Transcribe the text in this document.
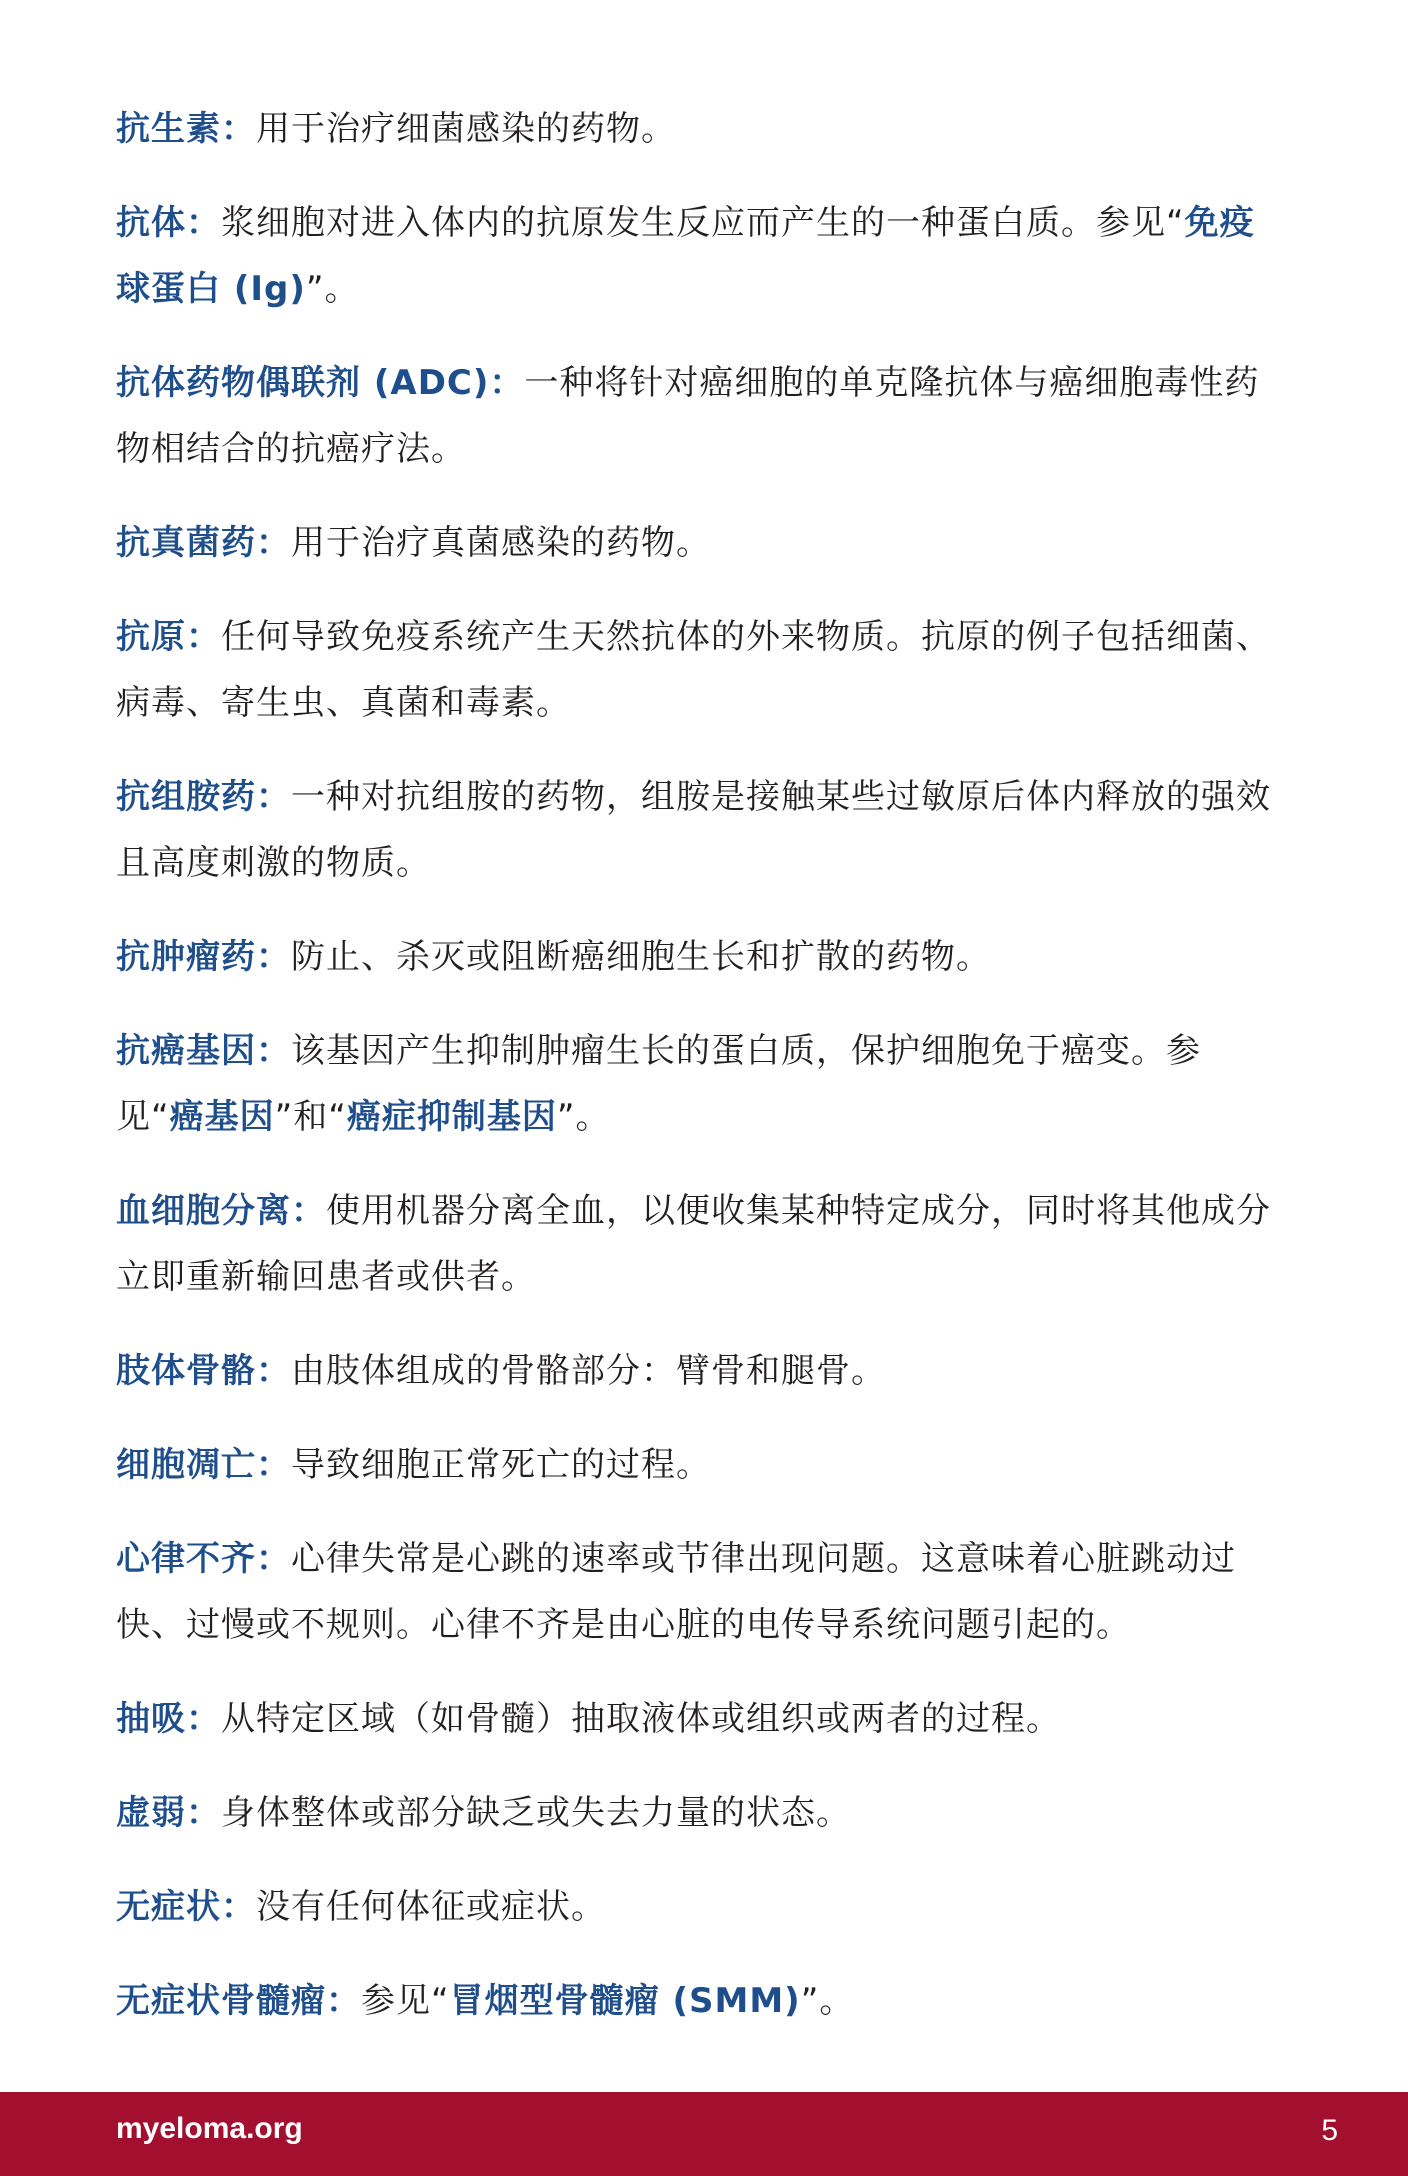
抗生素：用于治疗细菌感染的药物。

抗体：浆细胞对进入体内的抗原发生反应而产生的一种蛋白质。参见“免疫球蛋白 (Ig)”。

抗体药物偶联剂 (ADC)：一种将针对癌细胞的单克隆抗体与癌细胞毒性药物相结合的抗癌疗法。

抗真菌药：用于治疗真菌感染的药物。

抗原：任何导致免疫系统产生天然抗体的外来物质。抗原的例子包括细菌、病毒、寄生虫、真菌和毒素。

抗组胺药：一种对抗组胺的药物，组胺是接触某些过敏原后体内释放的强效且高度刺激的物质。

抗肿瘤药：防止、杀灭或阻断癌细胞生长和扩散的药物。

抗癌基因：该基因产生抑制肿瘤生长的蛋白质，保护细胞免于癌变。参见“癌基因”和“癌症抑制基因”。

血细胞分离：使用机器分离全血，以便收集某种特定成分，同时将其他成分立即重新输回患者或供者。

肢体骨骼：由肢体组成的骨骼部分：臂骨和腿骨。

细胞凋亡：导致细胞正常死亡的过程。

心律不齐：心律失常是心跳的速率或节律出现问题。这意味着心脏跳动过快、过慢或不规则。心律不齐是由心脏的电传导系统问题引起的。

抽吸：从特定区域（如骨髓）抽取液体或组织或两者的过程。

虚弱：身体整体或部分缺乏或失去力量的状态。

无症状：没有任何体征或症状。

无症状骨髓瘤：参见“冒烟型骨髓瘤 (SMM)”。

myeloma.org	5
